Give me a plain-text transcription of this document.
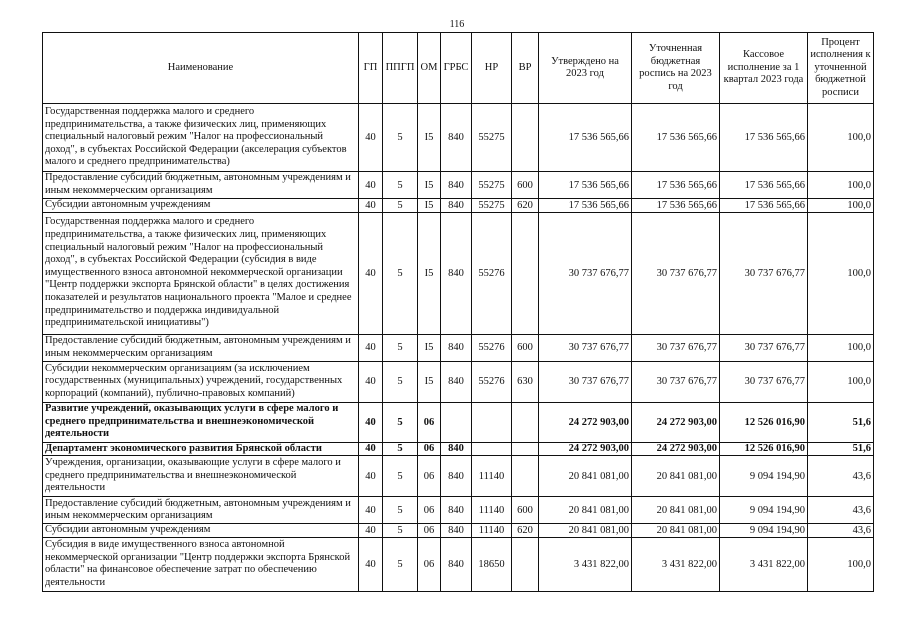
116
Наименование	ГП	ППГП	ОМ	ГРБС	НР	ВР	Утверждено на 2023 год	Уточненная бюджетная роспись на 2023 год	Кассовое исполнение за 1 квартал 2023 года	Процент исполнения к уточненной бюджетной росписи
Государственная поддержка малого и среднего предпринимательства, а также физических лиц, применяющих специальный налоговый режим "Налог на профессиональный доход", в субъектах Российской Федерации (акселерация субъектов малого и среднего предпринимательства)	40	5	I5	840	55275		17 536 565,66	17 536 565,66	17 536 565,66	100,0
Предоставление субсидий бюджетным, автономным учреждениям и иным некоммерческим организациям	40	5	I5	840	55275	600	17 536 565,66	17 536 565,66	17 536 565,66	100,0
Субсидии автономным учреждениям	40	5	I5	840	55275	620	17 536 565,66	17 536 565,66	17 536 565,66	100,0
Государственная поддержка малого и среднего предпринимательства, а также физических лиц, применяющих специальный налоговый режим "Налог на профессиональный доход", в субъектах Российской Федерации (субсидия в виде имущественного взноса автономной некоммерческой организации "Центр поддержки экспорта Брянской области" в целях достижения показателей и результатов национального проекта "Малое и среднее предпринимательство и поддержка индивидуальной предпринимательской инициативы")	40	5	I5	840	55276		30 737 676,77	30 737 676,77	30 737 676,77	100,0
Предоставление субсидий бюджетным, автономным учреждениям и иным некоммерческим организациям	40	5	I5	840	55276	600	30 737 676,77	30 737 676,77	30 737 676,77	100,0
Субсидии некоммерческим организациям (за исключением государственных (муниципальных) учреждений, государственных корпораций (компаний), публично-правовых компаний)	40	5	I5	840	55276	630	30 737 676,77	30 737 676,77	30 737 676,77	100,0
Развитие учреждений, оказывающих услуги в сфере малого и среднего предпринимательства и внешнеэкономической деятельности	40	5	06				24 272 903,00	24 272 903,00	12 526 016,90	51,6
Департамент экономического развития Брянской области	40	5	06	840			24 272 903,00	24 272 903,00	12 526 016,90	51,6
Учреждения, организации, оказывающие услуги в сфере малого и среднего предпринимательства и внешнеэкономической деятельности	40	5	06	840	11140		20 841 081,00	20 841 081,00	9 094 194,90	43,6
Предоставление субсидий бюджетным, автономным учреждениям и иным некоммерческим организациям	40	5	06	840	11140	600	20 841 081,00	20 841 081,00	9 094 194,90	43,6
Субсидии автономным учреждениям	40	5	06	840	11140	620	20 841 081,00	20 841 081,00	9 094 194,90	43,6
Субсидия в виде имущественного взноса автономной некоммерческой организации "Центр поддержки экспорта Брянской области" на финансовое обеспечение затрат по обеспечению деятельности	40	5	06	840	18650		3 431 822,00	3 431 822,00	3 431 822,00	100,0
